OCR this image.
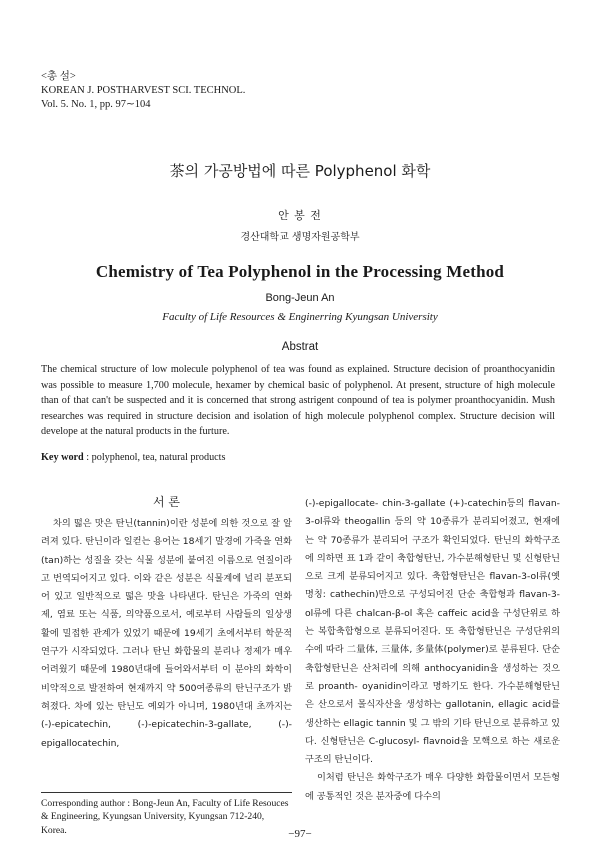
<총 설>
KOREAN J. POSTHARVEST SCI. TECHNOL.
Vol. 5. No. 1, pp. 97∼104
茶의 가공방법에 따른 Polyphenol 화학
안 봉 전
경산대학교 생명자원공학부
Chemistry of Tea Polyphenol in the Processing Method
Bong-Jeun An
Faculty of Life Resources & Enginerring Kyungsan University
Abstrat
The chemical structure of low molecule polyphenol of tea was found as explained. Structure decision of proanthocyanidin was possible to measure 1,700 molecule, hexamer by chemical basic of polyphenol. At present, structure of high molecule than of that can't be suspected and it is concerned that strong astrigent conpound of tea is polymer proanthocyanidin. Mush researches was required in structure decision and isolation of high molecule polyphenol complex. Structure decision will develope at the natural products in the furture.
Key word : polyphenol, tea, natural products
서 론

차의 떫은 맛은 탄닌(tannin)이란 성분에 의한 것으로 잘 알려져 있다. 탄닌이라 일컫는 용어는 18세기 말경에 가죽을 연화(tan)하는 성질을 갖는 식물 성분에 붙여진 이름으로 연질이라고 번역되어지고 있다. 이와 같은 성분은 식물계에 널리 분포되어 있고 일반적으로 떫은 맛을 나타낸다. 탄닌은 가죽의 연화제, 염료 또는 식품, 의약품으로서, 예로부터 사람들의 일상생활에 밀접한 관계가 있었기 때문에 19세기 초에서부터 학문적 연구가 시작되었다. 그러나 탄닌 화합물의 분리나 정제가 매우 어려웠기 때문에 1980년대에 들어와서부터 이 분야의 화학이 비약적으로 발전하여 현재까지 약 500여종류의 탄닌구조가 밝혀졌다. 차에 있는 탄닌도 예외가 아니며, 1980년대 초까지는 (-)-epicatechin, (-)-epicatechin-3-gallate, (-)-epigallocatechin,

(-)-epigallocate- chin-3-gallate (+)-catechin등의 flavan-3-ol류와 theogallin 등의 약 10종류가 분리되어졌고, 현재에는 약 70종류가 분리되어 구조가 확인되었다. 탄닌의 화학구조에 의하면 표 1과 같이 축합형탄닌, 가수분해형탄닌 및 신형탄닌으로 크게 분류되어지고 있다. 축합형탄닌은 flavan-3-ol류(옛 명칭: cathechin)만으로 구성되어진 단순 축합형과 flavan-3-ol류에 다른 chalcan-β-ol 혹은 caffeic acid을 구성단위로 하는 복합축합형으로 분류되어진다. 또 축합형탄닌은 구성단위의 수에 따라 二量体, 三量体, 多量体(polymer)로 분류된다. 단순축합형탄닌은 산처리에 의해 anthocyanidin을 생성하는 것으로 proanth- oyanidin이라고 명하기도 한다. 가수분해형탄닌은 산으로서 몰식자산을 생성하는 gallotanin, ellagic acid를 생산하는 ellagic tannin 및 그 밖의 기타 탄닌으로 분류하고 있다. 신형탄닌은 C-glucosyl- flavnoid을 모핵으로 하는 새로운 구조의 탄닌이다.

이처럼 탄닌은 화학구조가 매우 다양한 화합물이면서 모든형에 공통적인 것은 분자중에 다수의

Corresponding author : Bong-Jeun An, Faculty of Life Resouces & Engineering, Kyungsan University, Kyungsan 712-240, Korea.	−97−
